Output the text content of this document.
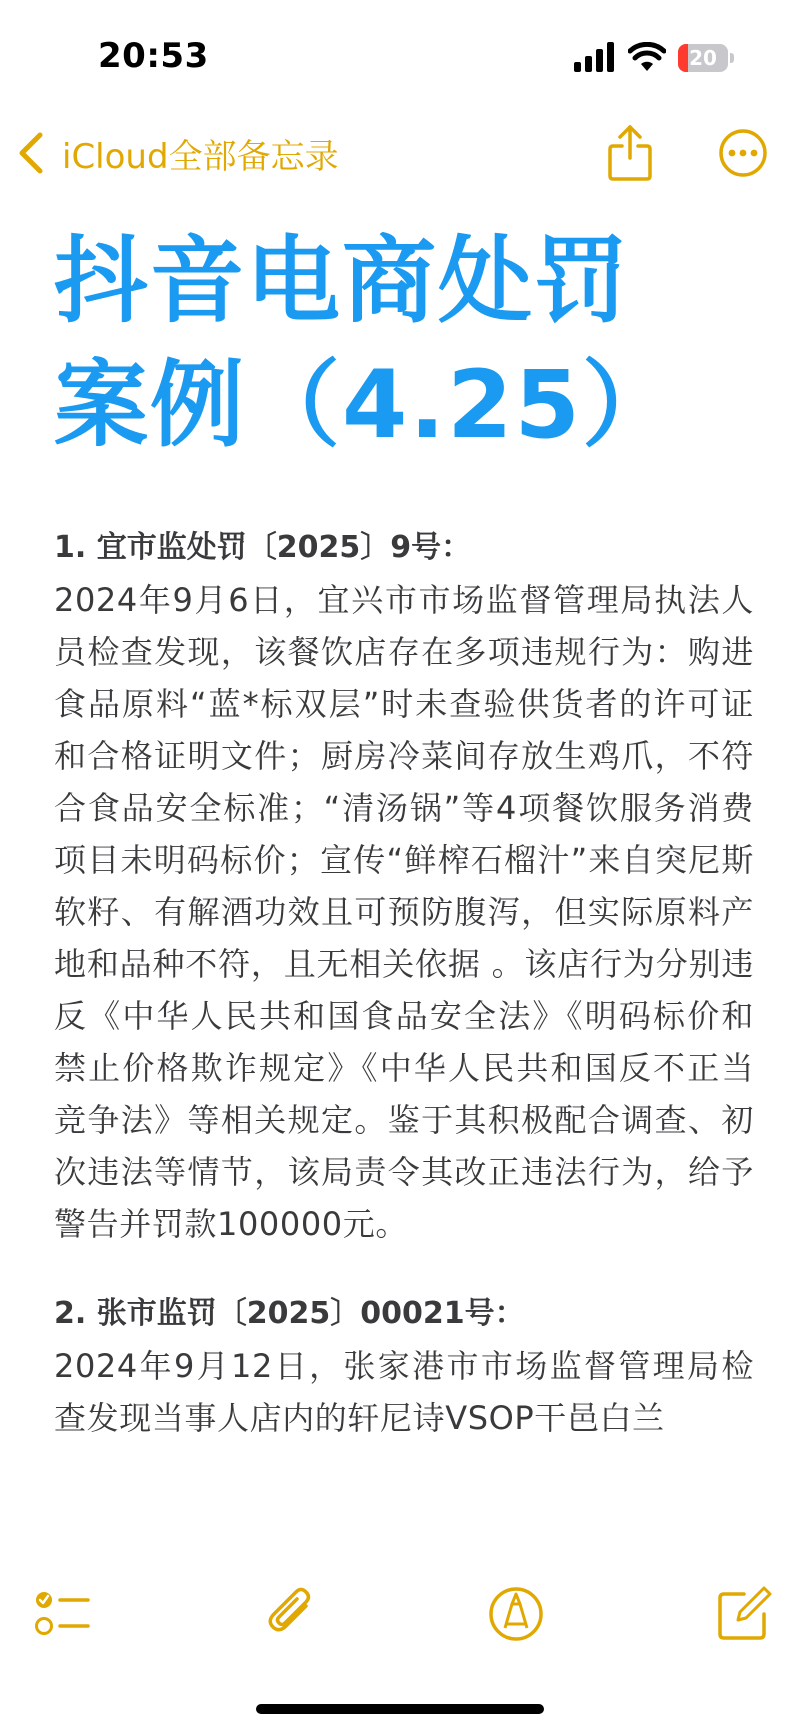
20:53	20
iCloud全部备忘录
抖音电商处罚
案例（4.25）
1. 宜市监处罚〔2025〕9号：
2024年9月6日，宜兴市市场监督管理局执法人员检查发现，该餐饮店存在多项违规行为：购进食品原料“蓝*标双层”时未查验供货者的许可证和合格证明文件；厨房冷菜间存放生鸡爪，不符合食品安全标准；“清汤锅”等4项餐饮服务消费项目未明码标价；宣传“鲜榨石榴汁”来自突尼斯软籽、有解酒功效且可预防腹泻，但实际原料产地和品种不符，且无相关依据 。该店行为分别违反《中华人民共和国食品安全法》《明码标价和禁止价格欺诈规定》《中华人民共和国反不正当竞争法》等相关规定。鉴于其积极配合调查、初次违法等情节，该局责令其改正违法行为，给予警告并罚款100000元。
2. 张市监罚〔2025〕00021号：
2024年9月12日，张家港市市场监督管理局检查发现当事人店内的轩尼诗VSOP干邑白兰
